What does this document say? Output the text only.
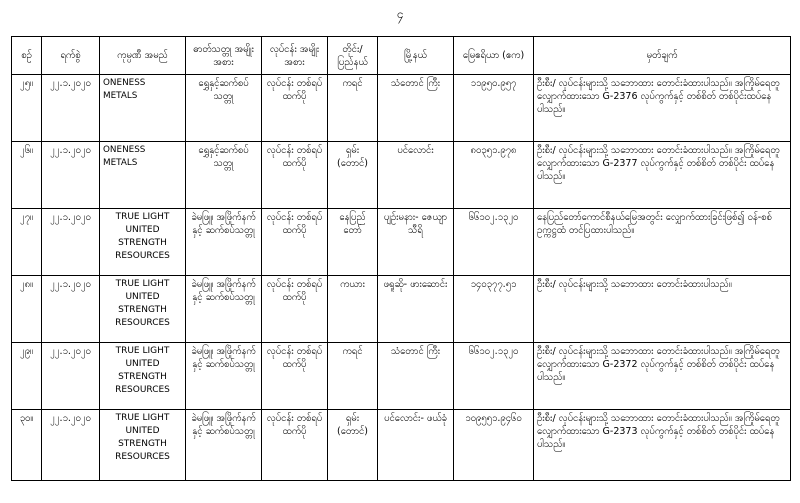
၄
စဉ်	ရက်စွဲ	ကုမ္ပဏီ အမည်	ဓာတ်သတ္တု အမျိုးအစား	လုပ်ငန်း အမျိုးအစား	တိုင်း/ ပြည်နယ်	မြို့နယ်	မြေဧရိယာ (ဧက)	မှတ်ချက်
၂၅။	၂၂.၁.၂၀၂၀	ONENESS METALS	ရွှေနှင့်ဆက်စပ် သတ္တု	လုပ်ငန်း တစ်ရပ်ထက်ပို	ကရင်	သံတောင် ကြီး	၁၁၉၅၀.၉၅၇	ဦးစီး/ လုပ်ငန်းများသို့ သဘောထား တောင်းခံထားပါသည်။ အကြိုမ်ရေတူ လျှောက်ထားသော G-2376 လုပ်ကွက်နှင့် တစ်စိတ် တစ်ပိုင်းထပ်နေပါသည်။
၂၆။	၂၂.၁.၂၀၂၀	ONENESS METALS	ရွှေနှင့်ဆက်စပ် သတ္တု	လုပ်ငန်း တစ်ရပ်ထက်ပို	ရှမ်း (တောင်)	ပင်လောင်း	၈၀၃၅၁.၉၇၈	ဦးစီး/ လုပ်ငန်းများသို့ သဘောထား တောင်းခံထားပါသည်။ အကြိုမ်ရေတူ လျှောက်ထားသော G-2377 လုပ်ကွက်နှင့် တစ်စိတ် တစ်ပိုင်း ထပ်နေပါသည်။
၂၇။	၂၂.၁.၂၀၂၀	TRUE LIGHT
UNITED
STRENGTH
RESOURCES	ခဲမဖြူ၊ အဖြိုက်နက်နှင့် ဆက်စပ်သတ္တု	လုပ်ငန်း တစ်ရပ်ထက်ပို	နေပြည် တော်	ပျဉ်းမနား- ဇေယျာသီရိ	၆၆၁၀၂.၁၃၂၀	နေပြည်တော်ကောင်စီနယ်မြေအတွင်း လျှောက်ထားခြင်းဖြစ်၍ ဝန်-စစ် ဥက္ကဋ္ဌထံ တင်ပြထားပါသည်။
၂၈။	၂၂.၁.၂၀၂၀	TRUE LIGHT
UNITED
STRENGTH
RESOURCES	ခဲမဖြူ၊ အဖြိုက်နက်နှင့် ဆက်စပ်သတ္တု	လုပ်ငန်း တစ်ရပ်ထက်ပို	ကယား	ဖရူဆို- ဖားဆောင်း	၁၄၀၃၇၇.၅၁	ဦးစီး/ လုပ်ငန်းများသို့ သဘောထား တောင်းခံထားပါသည်။
၂၉။	၂၂.၁.၂၀၂၀	TRUE LIGHT
UNITED
STRENGTH
RESOURCES	ခဲမဖြူ၊ အဖြိုက်နက်နှင့် ဆက်စပ်သတ္တု	လုပ်ငန်း တစ်ရပ်ထက်ပို	ကရင်	သံတောင် ကြီး	၆၆၁၀၂.၁၃၂၀	ဦးစီး/ လုပ်ငန်းများသို့ သဘောထား တောင်းခံထားပါသည်။ အကြိုမ်ရေတူ လျှောက်ထားသော G-2372 လုပ်ကွက်နှင့် တစ်စိတ် တစ်ပိုင်း ထပ်နေပါသည်။
၃၀။	၂၂.၁.၂၀၂၀	TRUE LIGHT
UNITED
STRENGTH
RESOURCES	ခဲမဖြူ၊ အဖြိုက်နက်နှင့် ဆက်စပ်သတ္တု	လုပ်ငန်း တစ်ရပ်ထက်ပို	ရှမ်း (တောင်)	ပင်လောင်း- ဖယ်ခုံ	၁၀၉၅၅၁.၉၄၆၀	ဦးစီး/ လုပ်ငန်းများသို့ သဘောထား တောင်းခံထားပါသည်။ အကြိုမ်ရေတူ လျှောက်ထားသော G-2373 လုပ်ကွက်နှင့် တစ်စိတ် တစ်ပိုင်း ထပ်နေပါသည်။
